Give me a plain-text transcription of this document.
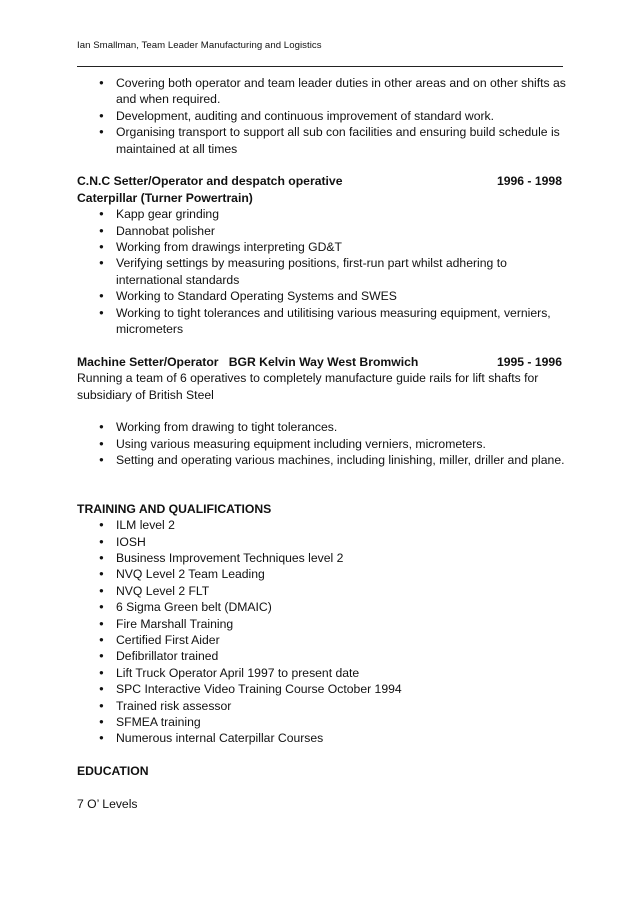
Ian Smallman, Team Leader Manufacturing and Logistics
● Covering both operator and team leader duties in other areas and on other shifts as and when required.
● Development, auditing and continuous improvement of standard work.
● Organising transport to support all sub con facilities and ensuring build schedule is maintained at all times
C.N.C Setter/Operator and despatch operative	1996 - 1998
Caterpillar (Turner Powertrain)
● Kapp gear grinding
● Dannobat polisher
● Working from drawings interpreting GD&T
● Verifying settings by measuring positions, first-run part whilst adhering to international standards
● Working to Standard Operating Systems and SWES
● Working to tight tolerances and utilitising various measuring equipment, verniers, micrometers
Machine Setter/Operator   BGR Kelvin Way West Bromwich	1995 - 1996
Running a team of 6 operatives to completely manufacture guide rails for lift shafts for subsidiary of British Steel
● Working from drawing to tight tolerances.
● Using various measuring equipment including verniers, micrometers.
● Setting and operating various machines, including linishing, miller, driller and plane.
TRAINING AND QUALIFICATIONS
● ILM level 2
● IOSH
● Business Improvement Techniques level 2
● NVQ Level 2 Team Leading
● NVQ Level 2 FLT
● 6 Sigma Green belt (DMAIC)
● Fire Marshall Training
● Certified First Aider
● Defibrillator trained
● Lift Truck Operator April 1997 to present date
● SPC Interactive Video Training Course October 1994
● Trained risk assessor
● SFMEA training
● Numerous internal Caterpillar Courses
EDUCATION
7 O’ Levels
